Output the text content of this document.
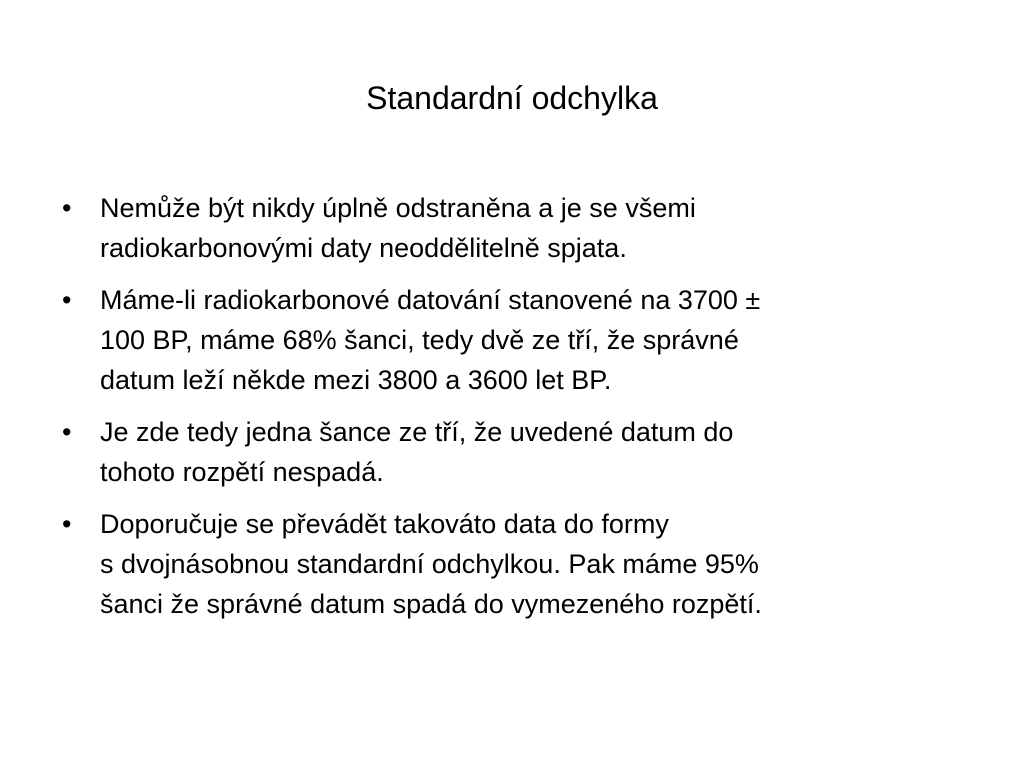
Standardní odchylka
•	Nemůže být nikdy úplně odstraněna a je se všemi
radiokarbonovými daty neoddělitelně spjata.
•	Máme-li radiokarbonové datování stanovené na 3700 ±
100 BP, máme 68% šanci, tedy dvě ze tří, že správné
datum leží někde mezi 3800 a 3600 let BP.
•	Je zde tedy jedna šance ze tří, že uvedené datum do
tohoto rozpětí nespadá.
•	Doporučuje se převádět takováto data do formy
s dvojnásobnou standardní odchylkou. Pak máme 95%
šanci že správné datum spadá do vymezeného rozpětí.
